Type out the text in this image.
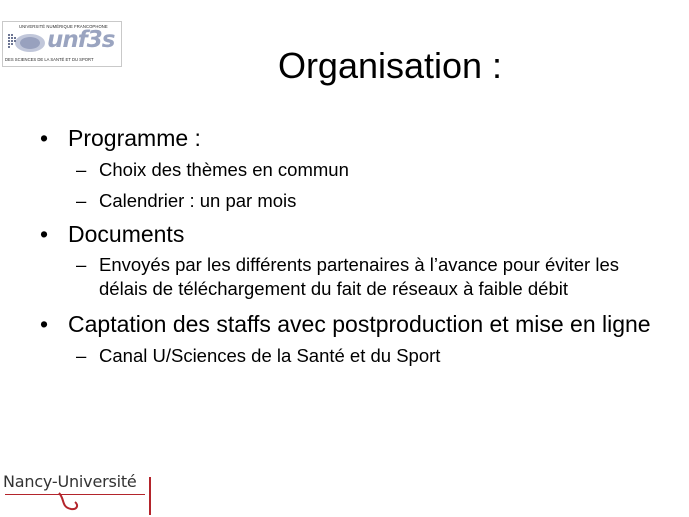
UNIVERSITÉ NUMÉRIQUE FRANCOPHONE
unf3s
DES SCIENCES DE LA SANTÉ ET DU SPORT	Organisation :
• Programme :
– Choix des thèmes en commun
– Calendrier : un par mois
• Documents
– Envoyés par les différents partenaires à l’avance pour éviter les délais de téléchargement du fait de réseaux à faible débit
• Captation des staffs avec postproduction et mise en ligne
– Canal U/Sciences de la Santé et du Sport
Nancy-Université
